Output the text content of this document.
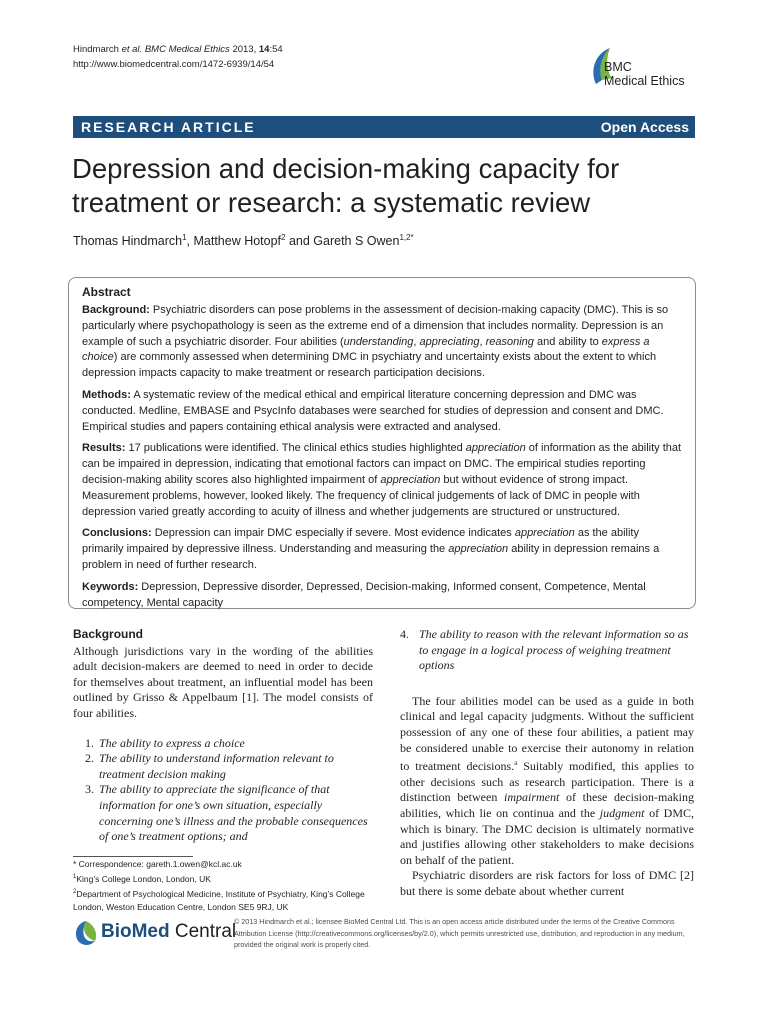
Hindmarch et al. BMC Medical Ethics 2013, 14:54
http://www.biomedcentral.com/1472-6939/14/54	BMC
Medical Ethics
RESEARCH ARTICLE	Open Access
Depression and decision-making capacity for treatment or research: a systematic review
Thomas Hindmarch$^1$, Matthew Hotopf$^2$ and Gareth S Owen$^{1,2*}$
Abstract

Background: Psychiatric disorders can pose problems in the assessment of decision-making capacity (DMC). This is so particularly where psychopathology is seen as the extreme end of a dimension that includes normality. Depression is an example of such a psychiatric disorder. Four abilities (understanding, appreciating, reasoning and ability to express a choice) are commonly assessed when determining DMC in psychiatry and uncertainty exists about the extent to which depression impacts capacity to make treatment or research participation decisions.

Methods: A systematic review of the medical ethical and empirical literature concerning depression and DMC was conducted. Medline, EMBASE and PsycInfo databases were searched for studies of depression and consent and DMC. Empirical studies and papers containing ethical analysis were extracted and analysed.

Results: 17 publications were identified. The clinical ethics studies highlighted appreciation of information as the ability that can be impaired in depression, indicating that emotional factors can impact on DMC. The empirical studies reporting decision-making ability scores also highlighted impairment of appreciation but without evidence of strong impact. Measurement problems, however, looked likely. The frequency of clinical judgements of lack of DMC in people with depression varied greatly according to acuity of illness and whether judgements are structured or unstructured.

Conclusions: Depression can impair DMC especially if severe. Most evidence indicates appreciation as the ability primarily impaired by depressive illness. Understanding and measuring the appreciation ability in depression remains a problem in need of further research.

Keywords: Depression, Depressive disorder, Depressed, Decision-making, Informed consent, Competence, Mental competency, Mental capacity

Background

Although jurisdictions vary in the wording of the abilities adult decision-makers are deemed to need in order to decide for themselves about treatment, an influential model has been outlined by Grisso & Appelbaum [1]. The model consists of four abilities.

1. The ability to express a choice
2. The ability to understand information relevant to treatment decision making
3. The ability to appreciate the significance of that information for one’s own situation, especially concerning one’s illness and the probable consequences of one’s treatment options; and
4. The ability to reason with the relevant information so as to engage in a logical process of weighing treatment options

The four abilities model can be used as a guide in both clinical and legal capacity judgments. Without the sufficient possession of any one of these four abilities, a patient may be considered unable to exercise their autonomy in relation to treatment decisions.$^a$ Suitably modified, this applies to other decisions such as research participation. There is a distinction between impairment of these decision-making abilities, which lie on continua and the judgment of DMC, which is binary. The DMC decision is ultimately normative and justifies allowing other stakeholders to make decisions on behalf of the patient.

Psychiatric disorders are risk factors for loss of DMC [2] but there is some debate about whether current

* Correspondence: gareth.1.owen@kcl.ac.uk
$^1$King’s College London, London, UK
$^2$Department of Psychological Medicine, Institute of Psychiatry, King’s College London, Weston Education Centre, London SE5 9RJ, UK
BioMed Central
© 2013 Hindmarch et al.; licensee BioMed Central Ltd. This is an open access article distributed under the terms of the Creative Commons Attribution License (http://creativecommons.org/licenses/by/2.0), which permits unrestricted use, distribution, and reproduction in any medium, provided the original work is properly cited.
